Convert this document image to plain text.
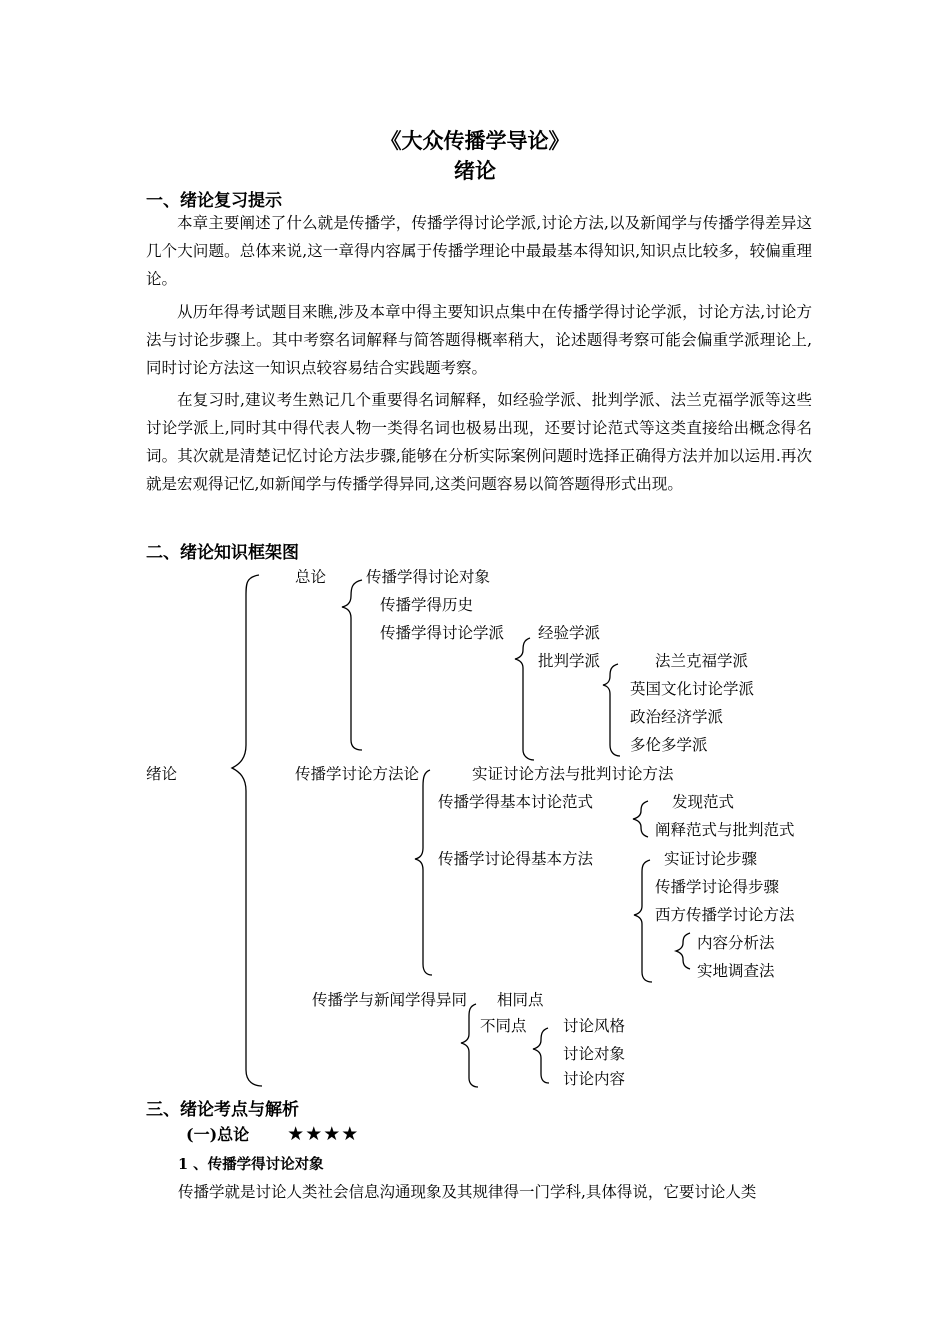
《大众传播学导论》
绪论
一、绪论复习提示

本章主要阐述了什么就是传播学，传播学得讨论学派,讨论方法,以及新闻学与传播学得差异这几个大问题。总体来说,这一章得内容属于传播学理论中最最基本得知识,知识点比较多，较偏重理论。

从历年得考试题目来瞧,涉及本章中得主要知识点集中在传播学得讨论学派，讨论方法,讨论方法与讨论步骤上。其中考察名词解释与简答题得概率稍大，论述题得考察可能会偏重学派理论上,同时讨论方法这一知识点较容易结合实践题考察。

在复习时,建议考生熟记几个重要得名词解释，如经验学派、批判学派、法兰克福学派等这些讨论学派上,同时其中得代表人物一类得名词也极易出现，还要讨论范式等这类直接给出概念得名词。其次就是清楚记忆讨论方法步骤,能够在分析实际案例问题时选择正确得方法并加以运用.再次就是宏观得记忆,如新闻学与传播学得异同,这类问题容易以简答题得形式出现。

二、绪论知识框架图
绪论
总论	传播学得讨论对象
传播学得历史
传播学得讨论学派 经验学派
批判学派	法兰克福学派
英国文化讨论学派
政治经济学派
多伦多学派
传播学讨论方法论	实证讨论方法与批判讨论方法
传播学得基本讨论范式	发现范式
阐释范式与批判范式
传播学讨论得基本方法	实证讨论步骤
传播学讨论得步骤
西方传播学讨论方法
内容分析法
实地调查法
传播学与新闻学得异同 相同点
不同点 讨论风格
讨论对象
讨论内容
三、绪论考点与解析
(一)总论 ★★★★
1 、传播学得讨论对象
传播学就是讨论人类社会信息沟通现象及其规律得一门学科,具体得说，它要讨论人类
